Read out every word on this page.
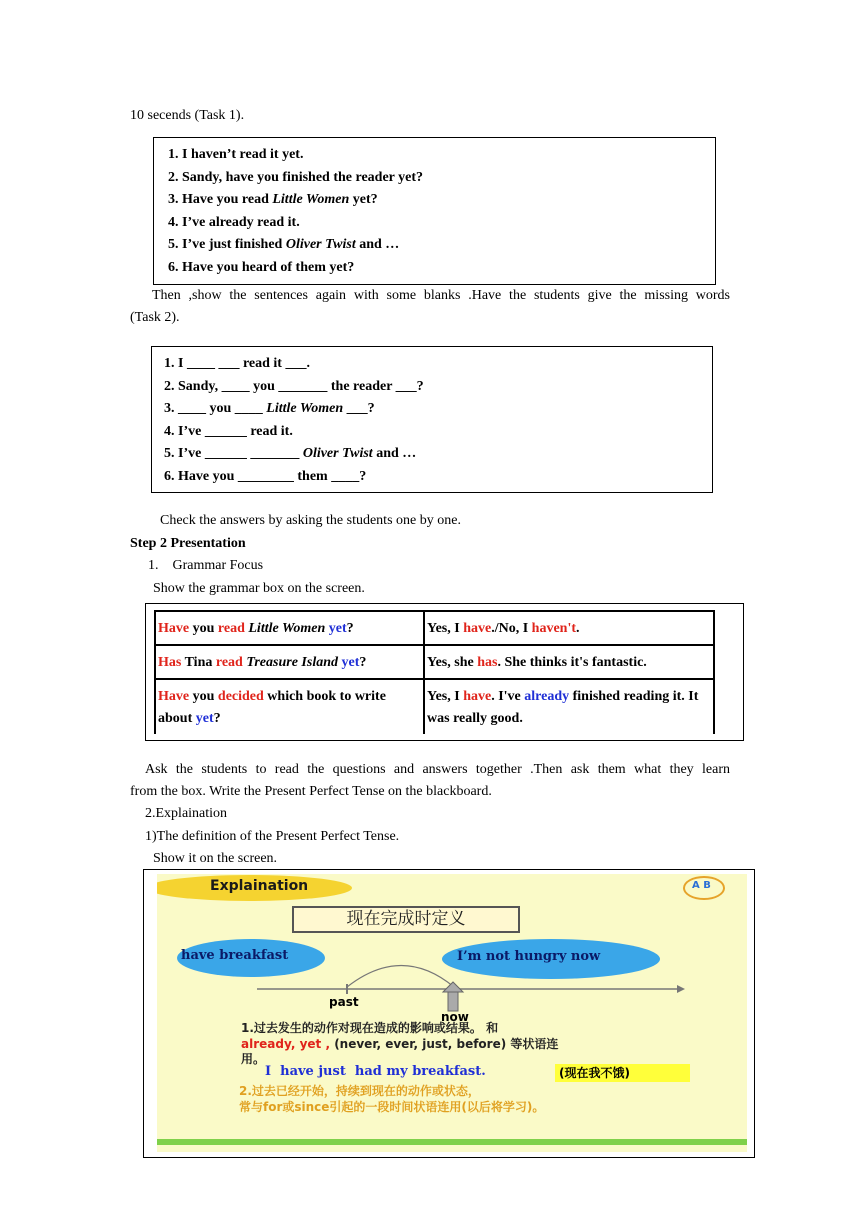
10 secends (Task 1).
1. I haven’t read it yet.
2. Sandy, have you finished the reader yet?
3. Have you read Little Women yet?
4. I’ve already read it.
5. I’ve just finished Oliver Twist and …
6. Have you heard of them yet?
Then ,show the sentences again with some blanks .Have the students give the missing words
(Task 2).
1. I ____ ___ read it ___.
2. Sandy, ____ you _______ the reader ___?
3. ____ you ____ Little Women ___?
4. I’ve ______ read it.
5. I’ve ______ _______ Oliver Twist and …
6. Have you ________ them ____?
Check the answers by asking the students one by one.
Step 2 Presentation
1.    Grammar Focus
Show the grammar box on the screen.
Have you read Little Women yet?	Yes, I have./No, I haven't.
Has Tina read Treasure Island yet?	Yes, she has. She thinks it's fantastic.
Have you decided which book to write about yet?	Yes, I have. I've already finished reading it. It was really good.
Ask the students to read the questions and answers together .Then ask them what they learn
from the box. Write the Present Perfect Tense on the blackboard.
2.Explaination
1)The definition of the Present Perfect Tense.
Show it on the screen.
Explaination	A B
现在完成时定义
have breakfast	I’m not hungry now
past
now
1.过去发生的动作对现在造成的影响或结果。 和
already, yet , (never, ever, just, before) 等状语连
用。
I  have just  had my breakfast.	(现在我不饿)
2.过去已经开始，持续到现在的动作或状态，
常与for或since引起的一段时间状语连用(以后将学习)。
